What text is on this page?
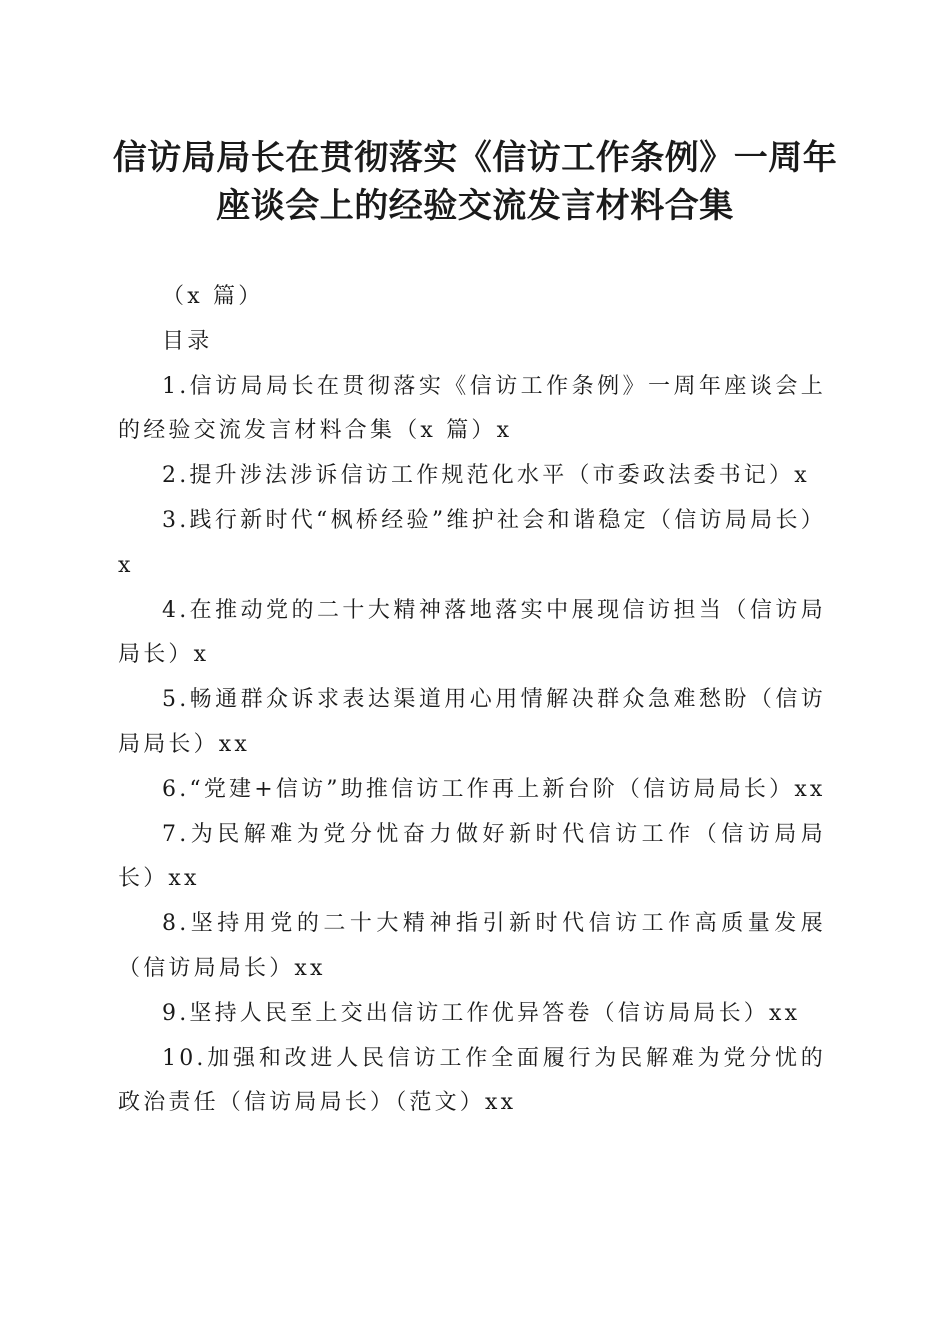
信访局局长在贯彻落实《信访工作条例》一周年座谈会上的经验交流发言材料合集

（x 篇）

目录

1.信访局局长在贯彻落实《信访工作条例》一周年座谈会上的经验交流发言材料合集（x 篇）x

2.提升涉法涉诉信访工作规范化水平（市委政法委书记）x

3.践行新时代“枫桥经验”维护社会和谐稳定（信访局局长）x

4.在推动党的二十大精神落地落实中展现信访担当（信访局局长）x

5.畅通群众诉求表达渠道用心用情解决群众急难愁盼（信访局局长）xx

6.“党建+信访”助推信访工作再上新台阶（信访局局长）xx

7.为民解难为党分忧奋力做好新时代信访工作（信访局局长）xx

8.坚持用党的二十大精神指引新时代信访工作高质量发展（信访局局长）xx

9.坚持人民至上交出信访工作优异答卷（信访局局长）xx

10.加强和改进人民信访工作全面履行为民解难为党分忧的政治责任（信访局局长）（范文）xx
